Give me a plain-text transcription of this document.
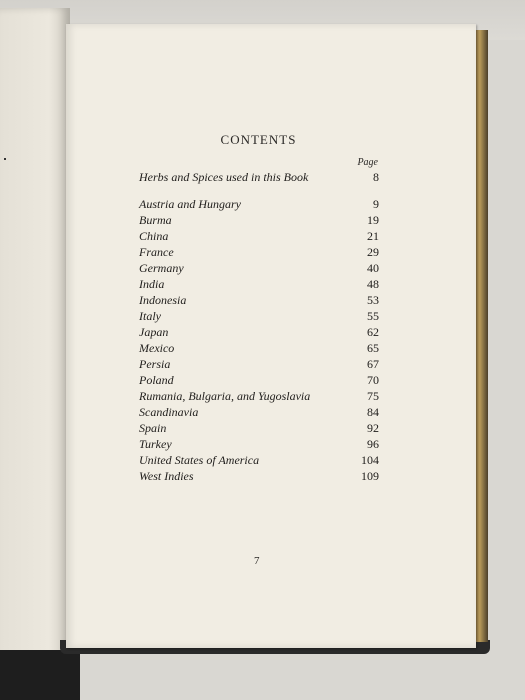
CONTENTS
Page
Herbs and Spices used in this Book	8
Austria and Hungary	9
Burma	19
China	21
France	29
Germany	40
India	48
Indonesia	53
Italy	55
Japan	62
Mexico	65
Persia	67
Poland	70
Rumania, Bulgaria, and Yugoslavia	75
Scandinavia	84
Spain	92
Turkey	96
United States of America	104
West Indies	109
7
